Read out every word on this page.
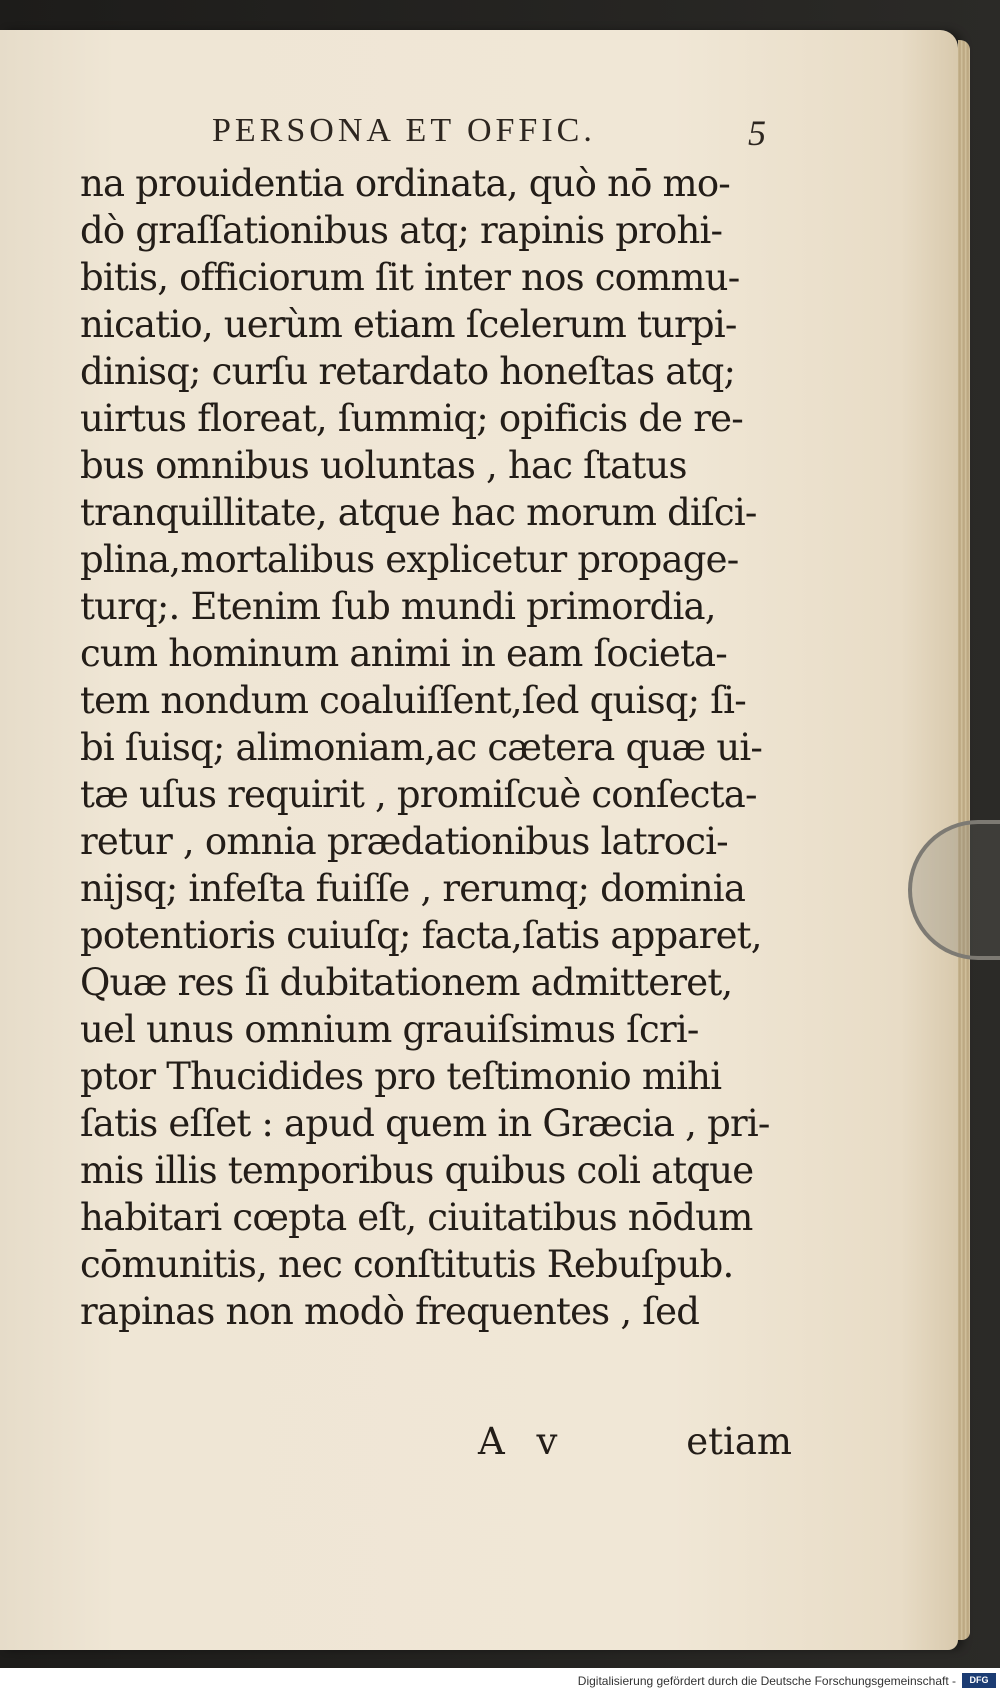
PERSONA ET OFFIC.	5
na prouidentia ordinata, quò nō mo-
dò graſſationibus atq; rapinis prohi-
bitis, officiorum ſit inter nos commu-
nicatio, uerùm etiam ſcelerum turpi-
dinisq; curſu retardato honeſtas atq;
uirtus floreat, ſummiq; opificis de re-
bus omnibus uoluntas , hac ſtatus
tranquillitate, atque hac morum diſci-
plina,mortalibus explicetur propage-
turq;. Etenim ſub mundi primordia,
cum hominum animi in eam ſocieta-
tem nondum coaluiſſent,ſed quisq; ſi-
bi ſuisq; alimoniam,ac cætera quæ ui-
tæ uſus requirit , promiſcuè conſecta-
retur , omnia prædationibus latroci-
nijsq; infeſta fuiſſe , rerumq; dominia
potentioris cuiuſq; facta,ſatis apparet,
Quæ res ſi dubitationem admitteret,
uel unus omnium grauiſsimus ſcri-
ptor Thucidides pro teſtimonio mihi
ſatis eſſet : apud quem in Græcia , pri-
mis illis temporibus quibus coli atque
habitari cœpta eſt, ciuitatibus nōdum
cōmunitis, nec conſtitutis Rebuſpub.
rapinas non modò frequentes , ſed
A v	etiam
Digitalisierung gefördert durch die Deutsche Forschungsgemeinschaft -	DFG
